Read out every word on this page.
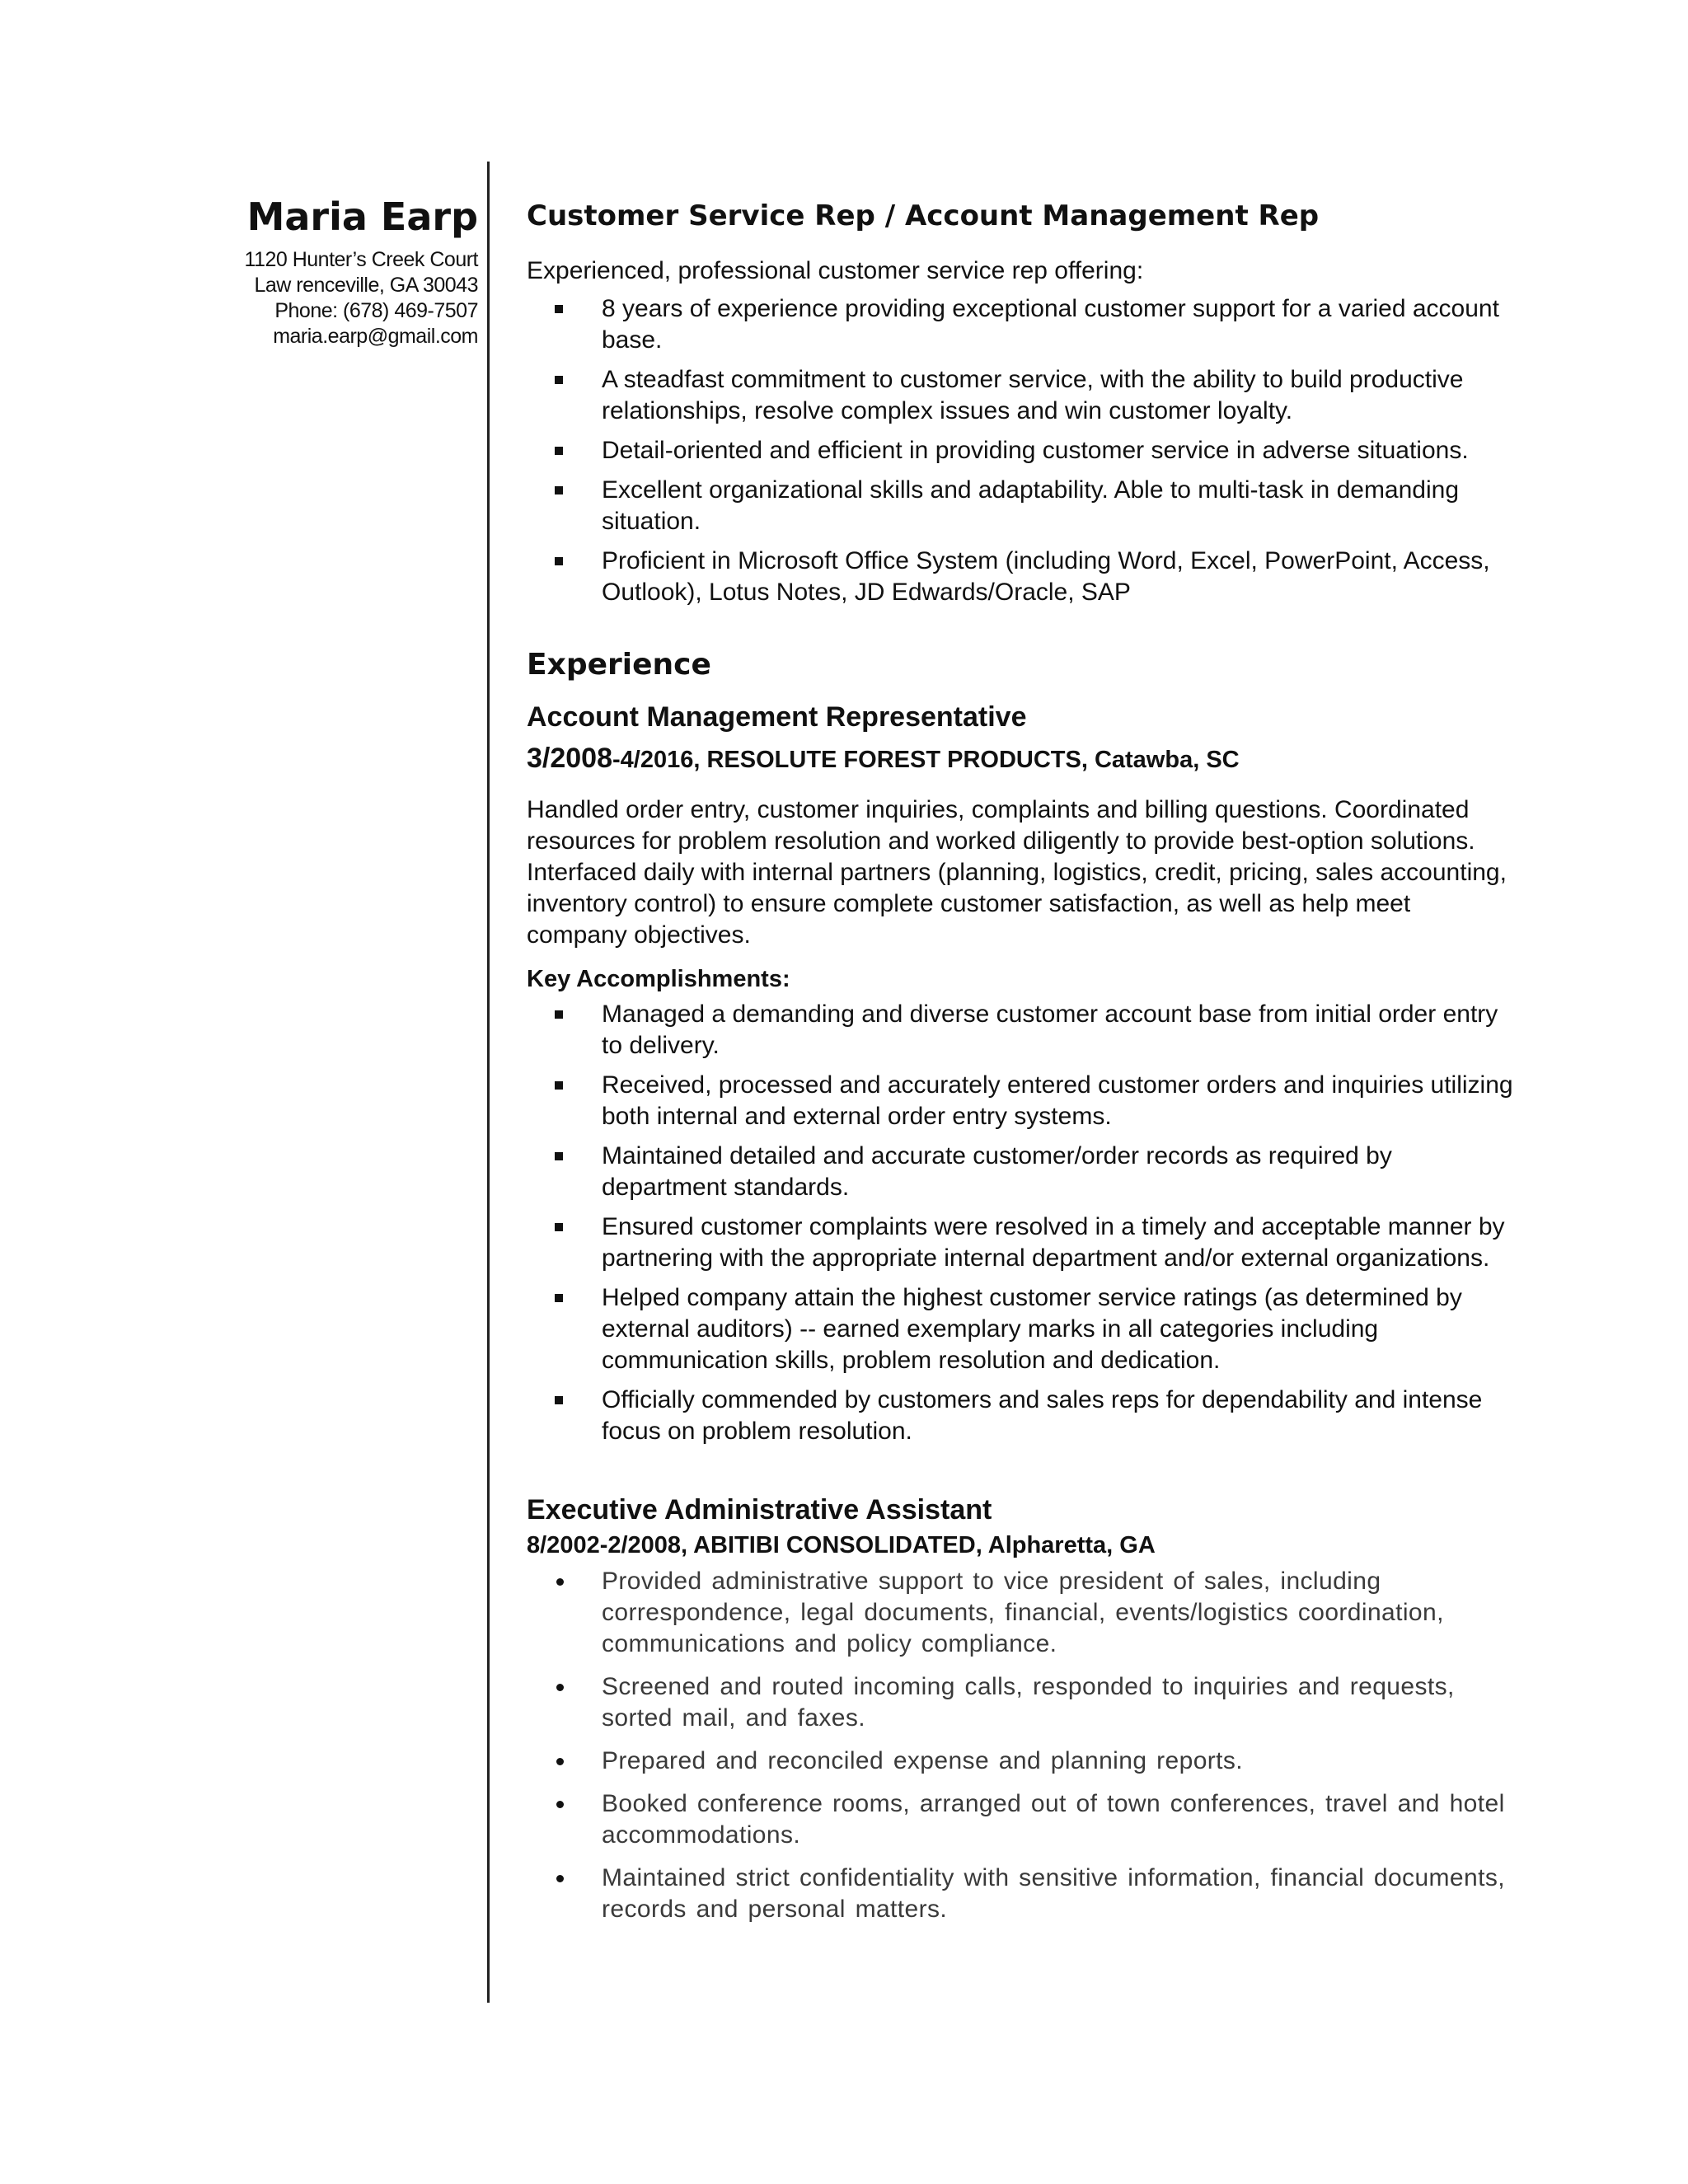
Maria Earp
1120 Hunter’s Creek Court
Law renceville, GA 30043
Phone: (678) 469-7507
maria.earp@gmail.com
Customer Service Rep / Account Management Rep
Experienced, professional customer service rep offering:
8 years of experience providing exceptional customer support for a varied account base.
A steadfast commitment to customer service, with the ability to build productive relationships, resolve complex issues and win customer loyalty.
Detail-oriented and efficient in providing customer service in adverse situations.
Excellent organizational skills and adaptability. Able to multi-task in demanding situation.
Proficient in Microsoft Office System (including Word, Excel, PowerPoint, Access, Outlook), Lotus Notes, JD Edwards/Oracle, SAP
Experience
Account Management Representative
3/2008-4/2016, RESOLUTE FOREST PRODUCTS, Catawba, SC
Handled order entry, customer inquiries, complaints and billing questions. Coordinated resources for problem resolution and worked diligently to provide best-option solutions. Interfaced daily with internal partners (planning, logistics, credit, pricing, sales accounting, inventory control) to ensure complete customer satisfaction, as well as help meet company objectives.
Key Accomplishments:
Managed a demanding and diverse customer account base from initial order entry to delivery.
Received, processed and accurately entered customer orders and inquiries utilizing both internal and external order entry systems.
Maintained detailed and accurate customer/order records as required by department standards.
Ensured customer complaints were resolved in a timely and acceptable manner by partnering with the appropriate internal department and/or external organizations.
Helped company attain the highest customer service ratings (as determined by external auditors) -- earned exemplary marks in all categories including communication skills, problem resolution and dedication.
Officially commended by customers and sales reps for dependability and intense focus on problem resolution.
Executive Administrative Assistant
8/2002-2/2008, ABITIBI CONSOLIDATED, Alpharetta, GA
Provided administrative support to vice president of sales, including correspondence, legal documents, financial, events/logistics coordination, communications and policy compliance.
Screened and routed incoming calls, responded to inquiries and requests, sorted mail, and faxes.
Prepared and reconciled expense and planning reports.
Booked conference rooms, arranged out of town conferences, travel and hotel accommodations.
Maintained strict confidentiality with sensitive information, financial documents, records and personal matters.
